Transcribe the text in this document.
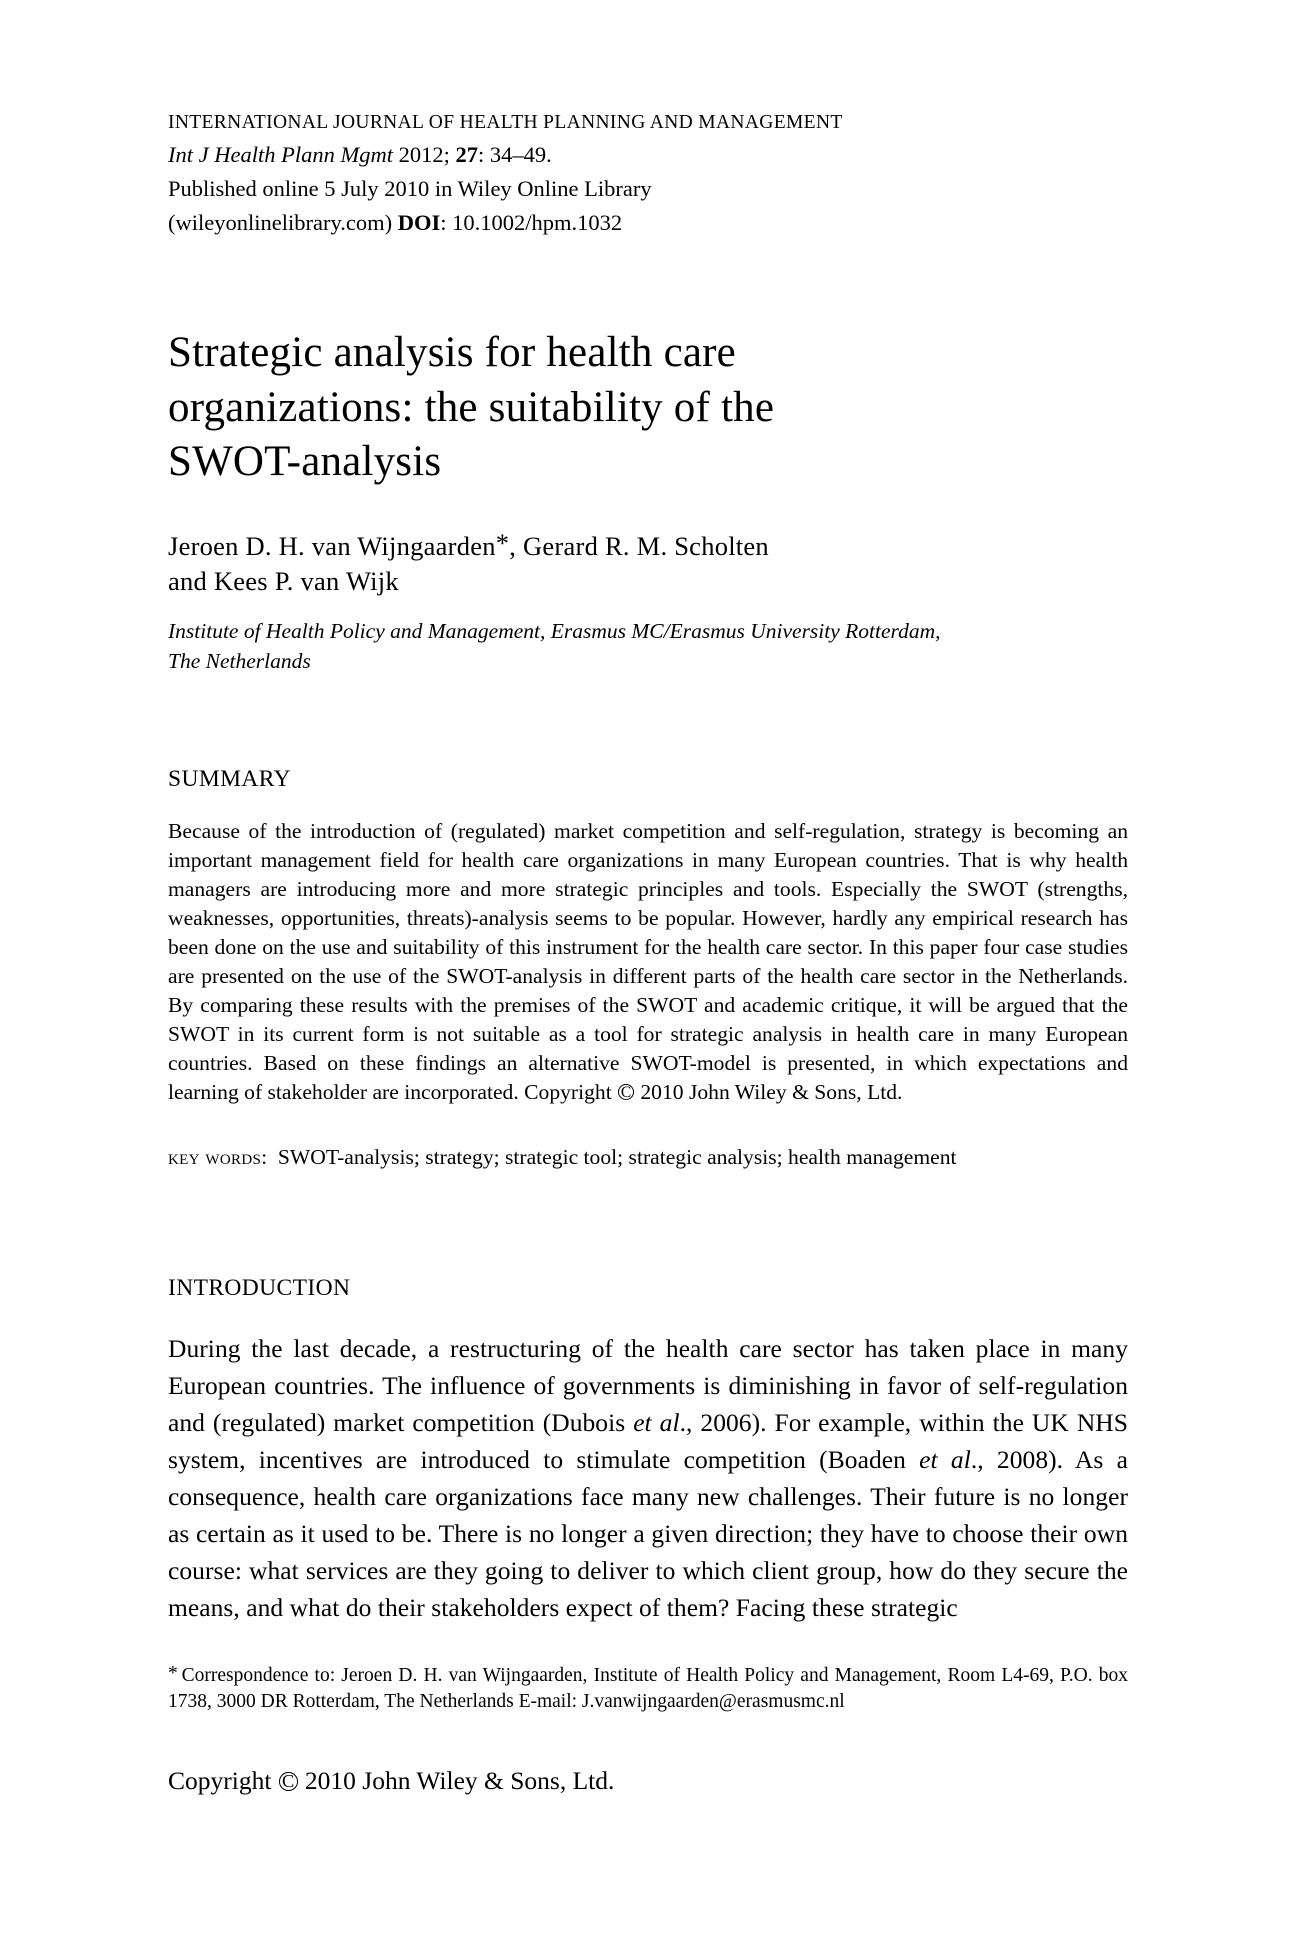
INTERNATIONAL JOURNAL OF HEALTH PLANNING AND MANAGEMENT
Int J Health Plann Mgmt 2012; 27: 34–49.
Published online 5 July 2010 in Wiley Online Library
(wileyonlinelibrary.com) DOI: 10.1002/hpm.1032
Strategic analysis for health care
organizations: the suitability of the
SWOT-analysis
Jeroen D. H. van Wijngaarden*, Gerard R. M. Scholten
and Kees P. van Wijk
Institute of Health Policy and Management, Erasmus MC/Erasmus University Rotterdam,
The Netherlands
SUMMARY
Because of the introduction of (regulated) market competition and self-regulation, strategy is becoming an important management field for health care organizations in many European countries. That is why health managers are introducing more and more strategic principles and tools. Especially the SWOT (strengths, weaknesses, opportunities, threats)-analysis seems to be popular. However, hardly any empirical research has been done on the use and suitability of this instrument for the health care sector. In this paper four case studies are presented on the use of the SWOT-analysis in different parts of the health care sector in the Netherlands. By comparing these results with the premises of the SWOT and academic critique, it will be argued that the SWOT in its current form is not suitable as a tool for strategic analysis in health care in many European countries. Based on these findings an alternative SWOT-model is presented, in which expectations and learning of stakeholder are incorporated. Copyright C 2010 John Wiley & Sons, Ltd.
key words: SWOT-analysis; strategy; strategic tool; strategic analysis; health management
INTRODUCTION
During the last decade, a restructuring of the health care sector has taken place in many European countries. The influence of governments is diminishing in favor of self-regulation and (regulated) market competition (Dubois et al., 2006). For example, within the UK NHS system, incentives are introduced to stimulate competition (Boaden et al., 2008). As a consequence, health care organizations face many new challenges. Their future is no longer as certain as it used to be. There is no longer a given direction; they have to choose their own course: what services are they going to deliver to which client group, how do they secure the means, and what do their stakeholders expect of them? Facing these strategic
*  Correspondence to: Jeroen D. H. van Wijngaarden, Institute of Health Policy and Management, Room L4-69, P.O. box 1738, 3000 DR Rotterdam, The Netherlands E-mail: J.vanwijngaarden@erasmusmc.nl
Copyright C 2010 John Wiley & Sons, Ltd.
